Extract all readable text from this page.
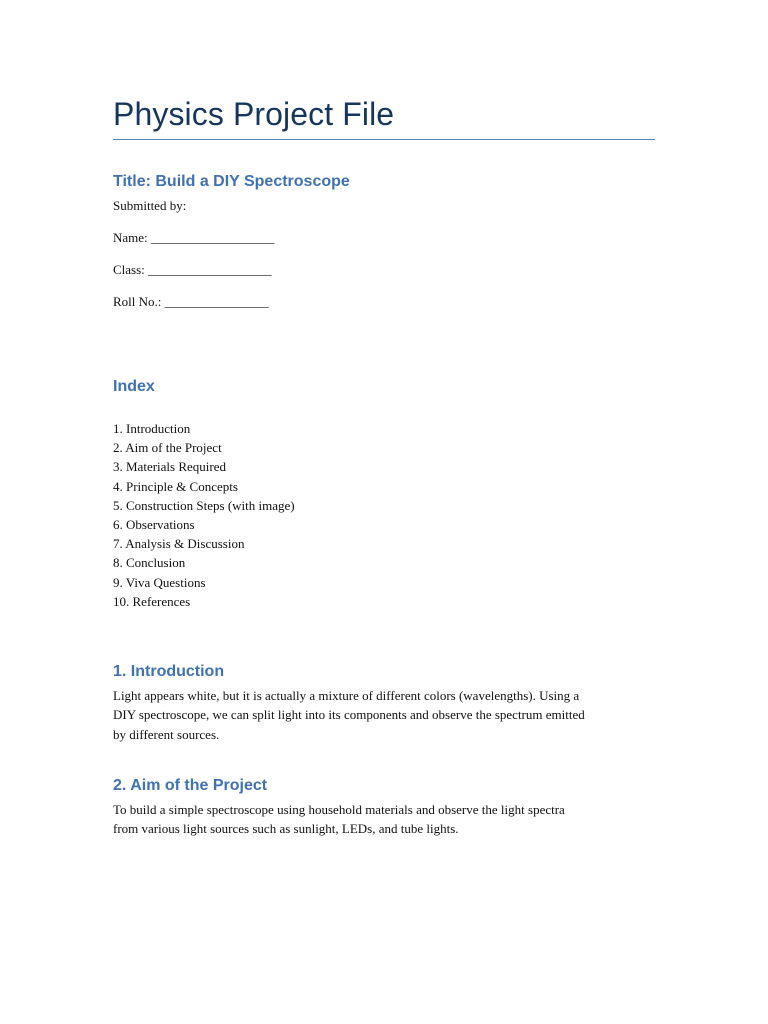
Physics Project File
Title: Build a DIY Spectroscope
Submitted by:
Name: ___________________
Class: ___________________
Roll No.: ________________
Index
1. Introduction
2. Aim of the Project
3. Materials Required
4. Principle & Concepts
5. Construction Steps (with image)
6. Observations
7. Analysis & Discussion
8. Conclusion
9. Viva Questions
10. References
1. Introduction
Light appears white, but it is actually a mixture of different colors (wavelengths). Using a
DIY spectroscope, we can split light into its components and observe the spectrum emitted
by different sources.
2. Aim of the Project
To build a simple spectroscope using household materials and observe the light spectra
from various light sources such as sunlight, LEDs, and tube lights.
